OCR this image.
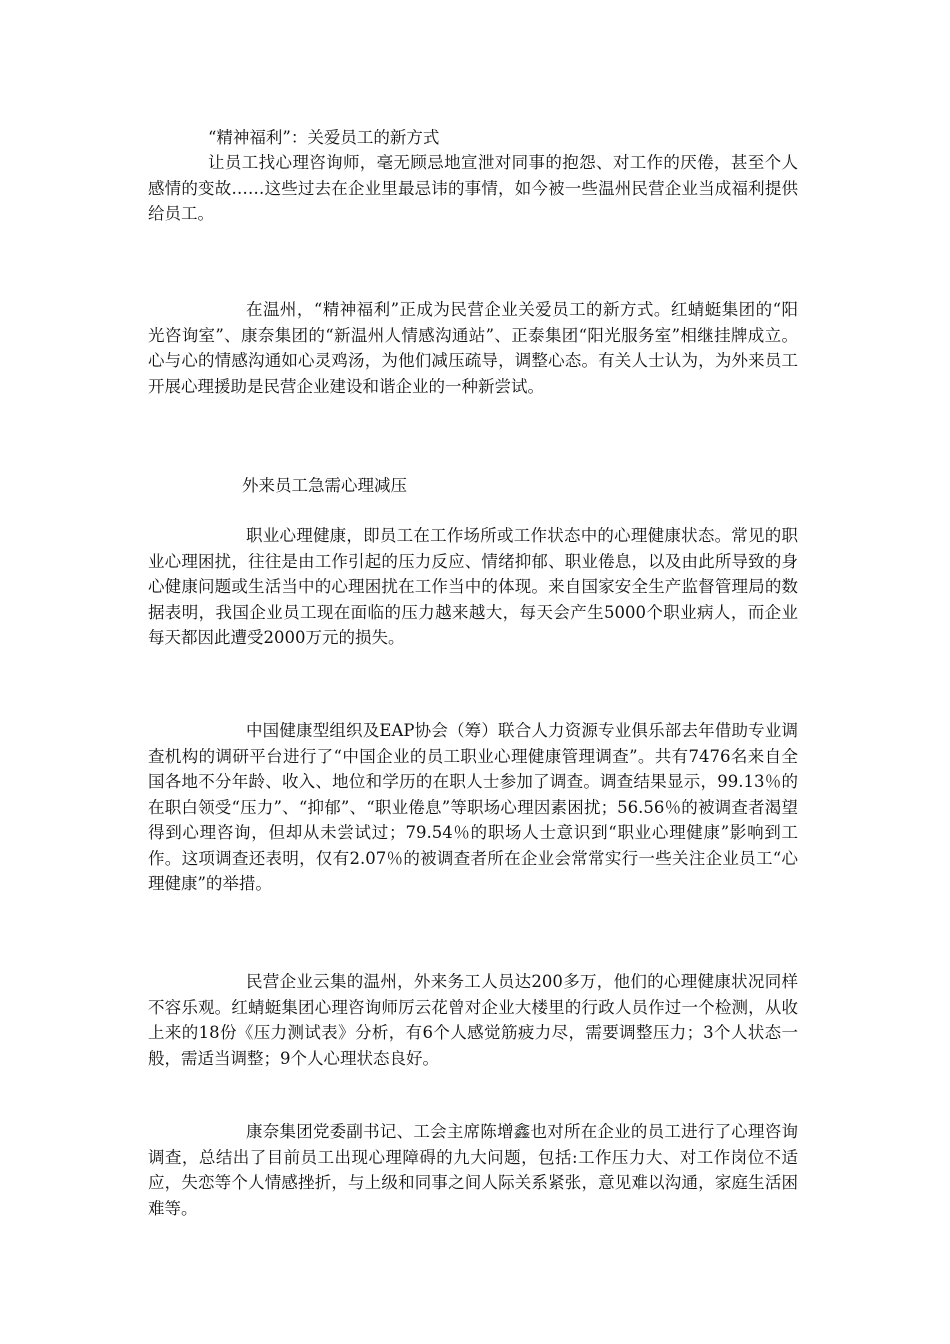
“精神福利”：关爱员工的新方式

让员工找心理咨询师，毫无顾忌地宣泄对同事的抱怨、对工作的厌倦，甚至个人感情的变故……这些过去在企业里最忌讳的事情，如今被一些温州民营企业当成福利提供给员工。

在温州，“精神福利”正成为民营企业关爱员工的新方式。红蜻蜓集团的“阳光咨询室”、康奈集团的“新温州人情感沟通站”、正泰集团“阳光服务室”相继挂牌成立。心与心的情感沟通如心灵鸡汤，为他们减压疏导，调整心态。有关人士认为，为外来员工开展心理援助是民营企业建设和谐企业的一种新尝试。

外来员工急需心理减压

职业心理健康，即员工在工作场所或工作状态中的心理健康状态。常见的职业心理困扰，往往是由工作引起的压力反应、情绪抑郁、职业倦息，以及由此所导致的身心健康问题或生活当中的心理困扰在工作当中的体现。来自国家安全生产监督管理局的数据表明，我国企业员工现在面临的压力越来越大，每天会产生5000个职业病人，而企业每天都因此遭受2000万元的损失。

中国健康型组织及EAP协会（筹）联合人力资源专业俱乐部去年借助专业调查机构的调研平台进行了“中国企业的员工职业心理健康管理调查”。共有7476名来自全国各地不分年龄、收入、地位和学历的在职人士参加了调查。调查结果显示，99.13％的在职白领受“压力”、“抑郁”、“职业倦息”等职场心理因素困扰；56.56％的被调查者渴望得到心理咨询，但却从未尝试过；79.54％的职场人士意识到“职业心理健康”影响到工作。这项调查还表明，仅有2.07％的被调查者所在企业会常常实行一些关注企业员工“心理健康”的举措。

民营企业云集的温州，外来务工人员达200多万，他们的心理健康状况同样不容乐观。红蜻蜓集团心理咨询师厉云花曾对企业大楼里的行政人员作过一个检测，从收上来的18份《压力测试表》分析，有6个人感觉筋疲力尽，需要调整压力；3个人状态一般，需适当调整；9个人心理状态良好。

康奈集团党委副书记、工会主席陈增鑫也对所在企业的员工进行了心理咨询调查，总结出了目前员工出现心理障碍的九大问题，包括:工作压力大、对工作岗位不适应，失恋等个人情感挫折，与上级和同事之间人际关系紧张，意见难以沟通，家庭生活困难等。
